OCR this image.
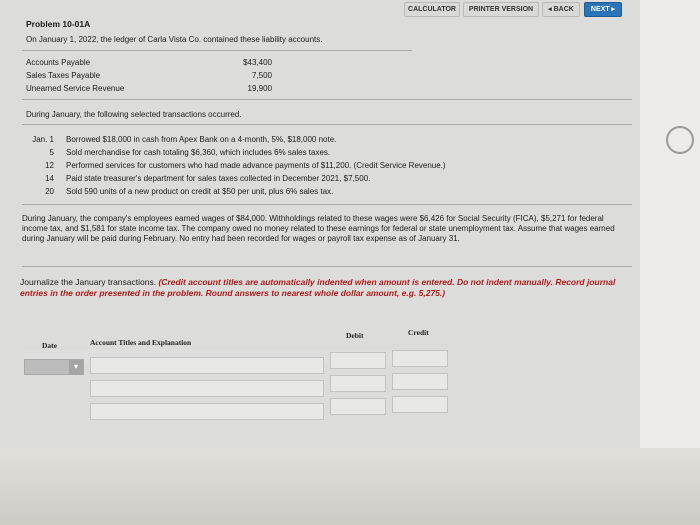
CALCULATOR	PRINTER VERSION	◂ BACK	NEXT ▸
Problem 10-01A
On January 1, 2022, the ledger of Carla Vista Co. contained these liability accounts.
Accounts Payable	$43,400
Sales Taxes Payable	7,500
Unearned Service Revenue	19,900
During January, the following selected transactions occurred.
Jan. 1 Borrowed $18,000 in cash from Apex Bank on a 4-month, 5%, $18,000 note.
5 Sold merchandise for cash totaling $6,360, which includes 6% sales taxes.
12 Performed services for customers who had made advance payments of $11,200. (Credit Service Revenue.)
14 Paid state treasurer's department for sales taxes collected in December 2021, $7,500.
20 Sold 590 units of a new product on credit at $50 per unit, plus 6% sales tax.
During January, the company's employees earned wages of $84,000. Withholdings related to these wages were $6,426 for Social Security (FICA), $5,271 for federal income tax, and $1,581 for state income tax. The company owed no money related to these earnings for federal or state unemployment tax. Assume that wages earned during January will be paid during February. No entry had been recorded for wages or payroll tax expense as of January 31.
Journalize the January transactions. (Credit account titles are automatically indented when amount is entered. Do not indent manually. Record journal entries in the order presented in the problem. Round answers to nearest whole dollar amount, e.g. 5,275.)
Date	Account Titles and Explanation
Debit	Credit
▾
